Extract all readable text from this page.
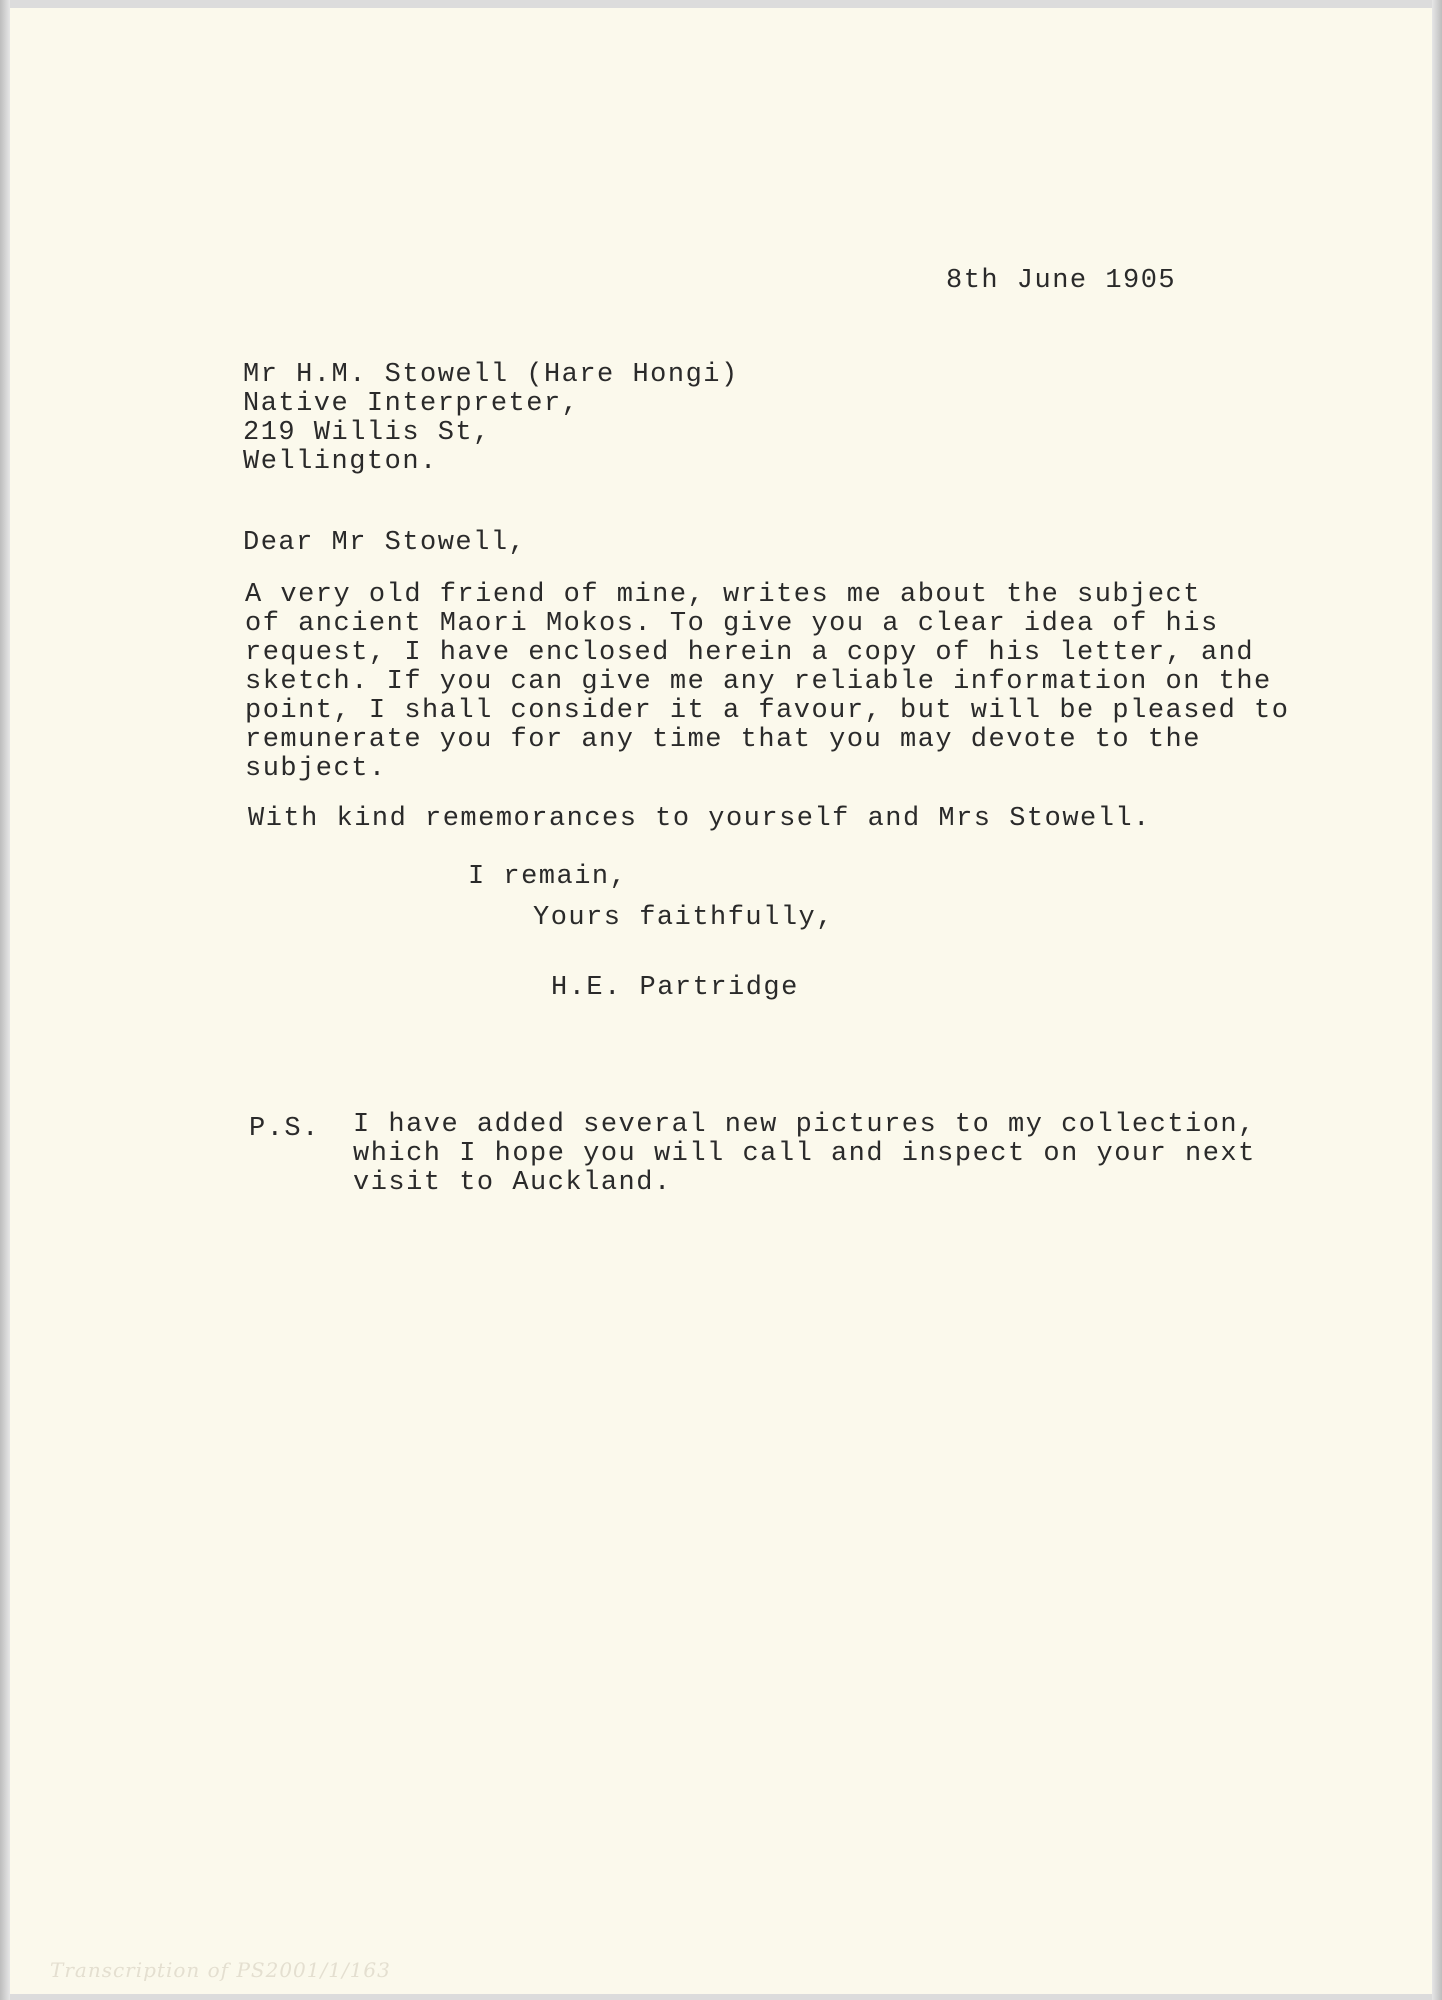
8th June 1905
Mr H.M. Stowell (Hare Hongi)
Native Interpreter,
219 Willis St,
Wellington.
Dear Mr Stowell,
A very old friend of mine, writes me about the subject
of ancient Maori Mokos. To give you a clear idea of his
request, I have enclosed herein a copy of his letter, and
sketch. If you can give me any reliable information on the
point, I shall consider it a favour, but will be pleased to
remunerate you for any time that you may devote to the
subject.
With kind rememorances to yourself and Mrs Stowell.
I remain,
Yours faithfully,
H.E. Partridge
P.S. I have added several new pictures to my collection,
which I hope you will call and inspect on your next
visit to Auckland.
Transcription of PS2001/1/163
